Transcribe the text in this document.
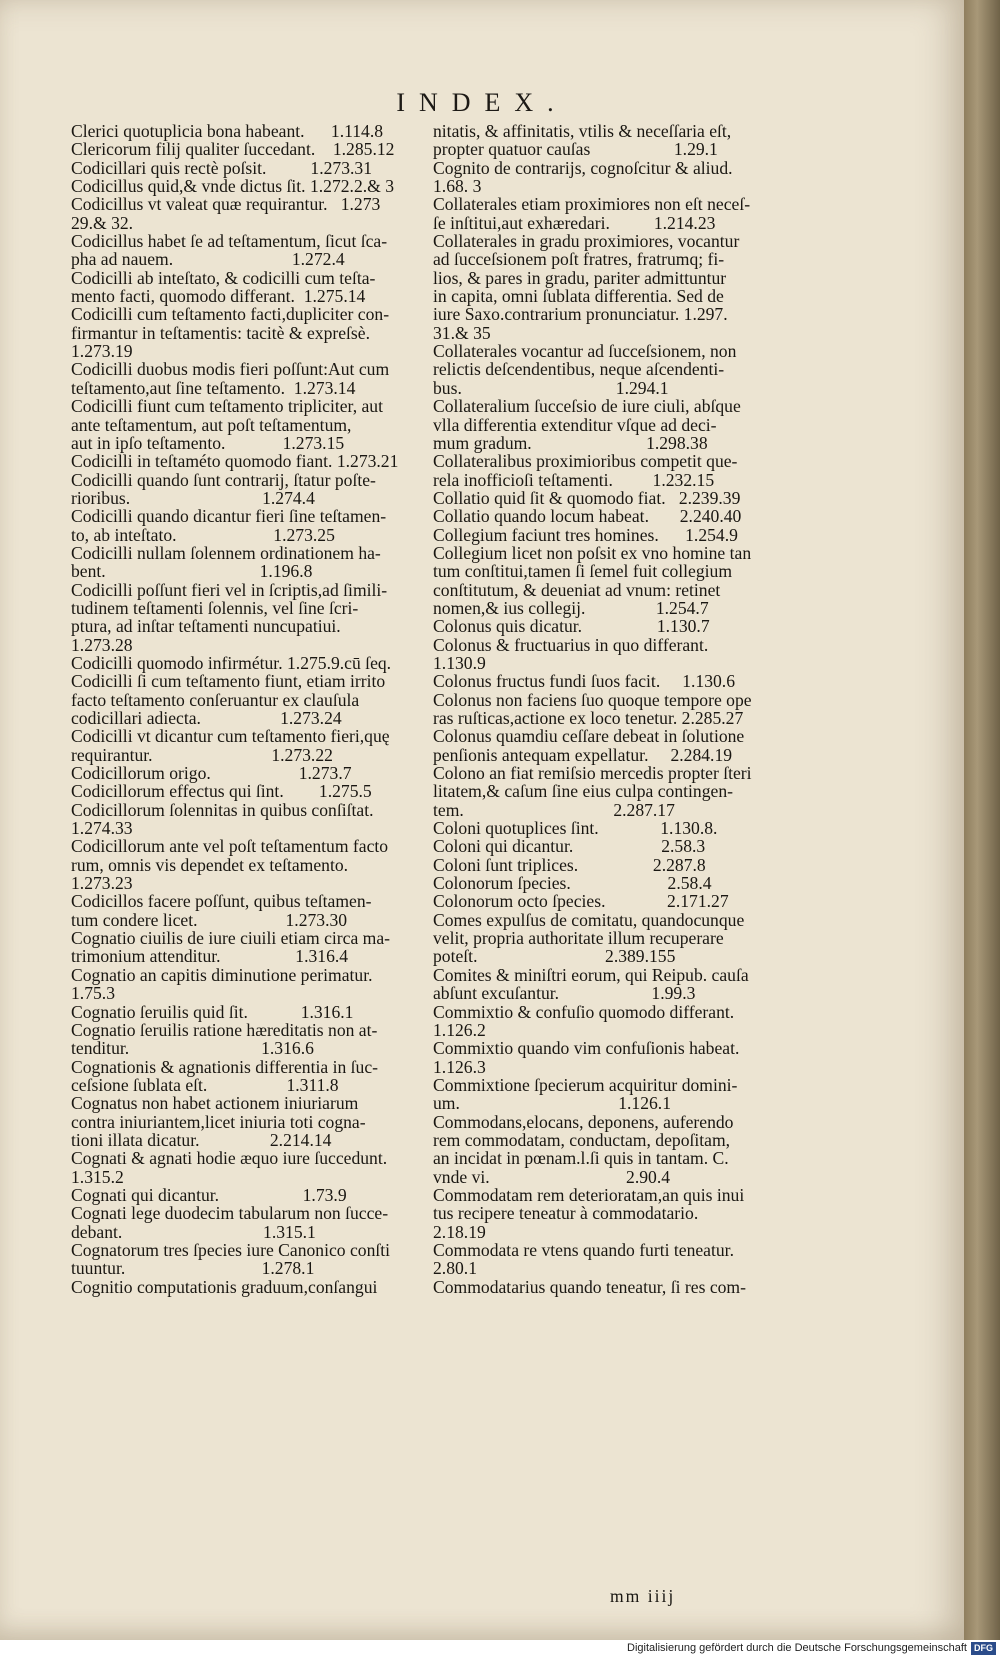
INDEX.
Clerici quotuplicia bona habeant.      1.114.8
Clericorum filij qualiter ſuccedant.    1.285.12
Codicillari quis rectè poſsit.          1.273.31
Codicillus quid,& vnde dictus ſit. 1.272.2.& 3
Codicillus vt valeat quæ requirantur.   1.273
29.& 32.
Codicillus habet ſe ad teſtamentum, ſicut ſca-
pha ad nauem.                           1.272.4
Codicilli ab inteſtato, & codicilli cum teſta-
mento facti, quomodo differant.  1.275.14
Codicilli cum teſtamento facti,dupliciter con-
firmantur in teſtamentis: tacitè & expreſsè.
1.273.19
Codicilli duobus modis fieri poſſunt:Aut cum
teſtamento,aut ſine teſtamento.  1.273.14
Codicilli fiunt cum teſtamento tripliciter, aut
ante teſtamentum, aut poſt teſtamentum,
aut in ipſo teſtamento.             1.273.15
Codicilli in teſtaméto quomodo fiant. 1.273.21
Codicilli quando ſunt contrarij, ſtatur poſte-
rioribus.                              1.274.4
Codicilli quando dicantur fieri ſine teſtamen-
to, ab inteſtato.                      1.273.25
Codicilli nullam ſolennem ordinationem ha-
bent.                                   1.196.8
Codicilli poſſunt fieri vel in ſcriptis,ad ſimili-
tudinem teſtamenti ſolennis, vel ſine ſcri-
ptura, ad inſtar teſtamenti nuncupatiui.
1.273.28
Codicilli quomodo infirmétur. 1.275.9.cū ſeq.
Codicilli ſi cum teſtamento fiunt, etiam irrito
facto teſtamento conſeruantur ex clauſula
codicillari adiecta.                  1.273.24
Codicilli vt dicantur cum teſtamento fieri,quę
requirantur.                           1.273.22
Codicillorum origo.                    1.273.7
Codicillorum effectus qui ſint.        1.275.5
Codicillorum ſolennitas in quibus conſiſtat.
1.274.33
Codicillorum ante vel poſt teſtamentum facto
rum, omnis vis dependet ex teſtamento.
1.273.23
Codicillos facere poſſunt, quibus teſtamen-
tum condere licet.                    1.273.30
Cognatio ciuilis de iure ciuili etiam circa ma-
trimonium attenditur.                 1.316.4
Cognatio an capitis diminutione perimatur.
1.75.3
Cognatio ſeruilis quid ſit.            1.316.1
Cognatio ſeruilis ratione hæreditatis non at-
tenditur.                              1.316.6
Cognationis & agnationis differentia in ſuc-
ceſsione ſublata eſt.                  1.311.8
Cognatus non habet actionem iniuriarum
contra iniuriantem,licet iniuria toti cogna-
tioni illata dicatur.                2.214.14
Cognati & agnati hodie æquo iure ſuccedunt.
1.315.2
Cognati qui dicantur.                   1.73.9
Cognati lege duodecim tabularum non ſucce-
debant.                                1.315.1
Cognatorum tres ſpecies iure Canonico conſti
tuuntur.                               1.278.1
Cognitio computationis graduum,conſangui
nitatis, & affinitatis, vtilis & neceſſaria eſt,
propter quatuor cauſas                   1.29.1
Cognito de contrarijs, cognoſcitur & aliud.
1.68. 3
Collaterales etiam proximiores non eſt neceſ-
ſe inſtitui,aut exhæredari.          1.214.23
Collaterales in gradu proximiores, vocantur
ad ſucceſsionem poſt fratres, fratrumq; fi-
lios, & pares in gradu, pariter admittuntur
in capita, omni ſublata differentia. Sed de
iure Saxo.contrarium pronunciatur. 1.297.
31.& 35
Collaterales vocantur ad ſucceſsionem, non
relictis deſcendentibus, neque aſcendenti-
bus.                                   1.294.1
Collateralium ſucceſsio de iure ciuli, abſque
vlla differentia extenditur vſque ad deci-
mum gradum.                          1.298.38
Collateralibus proximioribus competit que-
rela inofficioſi teſtamenti.         1.232.15
Collatio quid ſit & quomodo fiat.   2.239.39
Collatio quando locum habeat.       2.240.40
Collegium faciunt tres homines.      1.254.9
Collegium licet non poſsit ex vno homine tan
tum conſtitui,tamen ſi ſemel fuit collegium
conſtitutum, & deueniat ad vnum: retinet
nomen,& ius collegij.                1.254.7
Colonus quis dicatur.                 1.130.7
Colonus & fructuarius in quo differant.
1.130.9
Colonus fructus fundi ſuos facit.     1.130.6
Colonus non faciens ſuo quoque tempore ope
ras ruſticas,actione ex loco tenetur. 2.285.27
Colonus quamdiu ceſſare debeat in ſolutione
penſionis antequam expellatur.     2.284.19
Colono an fiat remiſsio mercedis propter ſteri
litatem,& caſum ſine eius culpa contingen-
tem.                                  2.287.17
Coloni quotuplices ſint.              1.130.8.
Coloni qui dicantur.                    2.58.3
Coloni ſunt triplices.                 2.287.8
Colonorum ſpecies.                      2.58.4
Colonorum octo ſpecies.              2.171.27
Comes expulſus de comitatu, quandocunque
velit, propria authoritate illum recuperare
poteſt.                             2.389.155
Comites & miniſtri eorum, qui Reipub. cauſa
abſunt excuſantur.                     1.99.3
Commixtio & confuſio quomodo differant.
1.126.2
Commixtio quando vim confuſionis habeat.
1.126.3
Commixtione ſpecierum acquiritur domini-
um.                                    1.126.1
Commodans,elocans, deponens, auferendo
rem commodatam, conductam, depoſitam,
an incidat in pœnam.l.ſi quis in tantam. C.
vnde vi.                               2.90.4
Commodatam rem deterioratam,an quis inui
tus recipere teneatur à commodatario.
2.18.19
Commodata re vtens quando furti teneatur.
2.80.1
Commodatarius quando teneatur, ſi res com-
mm iiij
Digitalisierung gefördert durch die Deutsche Forschungsgemeinschaft DFG
